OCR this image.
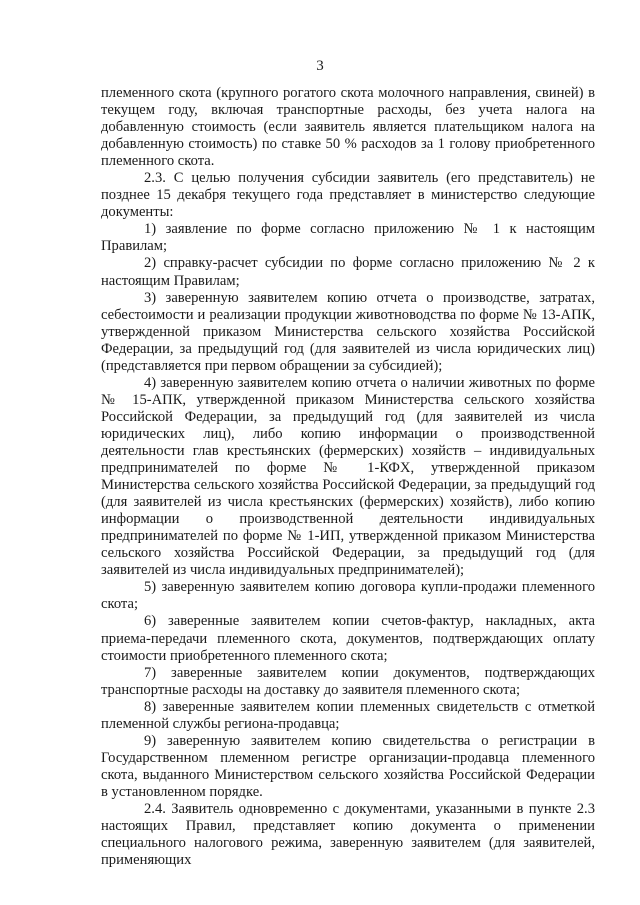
3

племенного скота (крупного рогатого скота молочного направления, свиней) в текущем году, включая транспортные расходы, без учета налога на добавленную стоимость (если заявитель является плательщиком налога на добавленную стоимость) по ставке 50 % расходов за 1 голову приобретенного племенного скота.

2.3. С целью получения субсидии заявитель (его представитель) не позднее 15 декабря текущего года представляет в министерство следующие документы:

1) заявление по форме согласно приложению № 1 к настоящим Правилам;

2) справку-расчет субсидии по форме согласно приложению № 2 к настоящим Правилам;

3) заверенную заявителем копию отчета о производстве, затратах, себестоимости и реализации продукции животноводства по форме № 13-АПК, утвержденной приказом Министерства сельского хозяйства Российской Федерации, за предыдущий год (для заявителей из числа юридических лиц) (представляется при первом обращении за субсидией);

4) заверенную заявителем копию отчета о наличии животных по форме № 15-АПК, утвержденной приказом Министерства сельского хозяйства Российской Федерации, за предыдущий год (для заявителей из числа юридических лиц), либо копию информации о производственной деятельности глав крестьянских (фермерских) хозяйств – индивидуальных предпринимателей по форме № 1-КФХ, утвержденной приказом Министерства сельского хозяйства Российской Федерации, за предыдущий год (для заявителей из числа крестьянских (фермерских) хозяйств), либо копию информации о производственной деятельности индивидуальных предпринимателей по форме № 1-ИП, утвержденной приказом Министерства сельского хозяйства Российской Федерации, за предыдущий год (для заявителей из числа индивидуальных предпринимателей);

5) заверенную заявителем копию договора купли-продажи племенного скота;

6) заверенные заявителем копии счетов-фактур, накладных, акта приема-передачи племенного скота, документов, подтверждающих оплату стоимости приобретенного племенного скота;

7) заверенные заявителем копии документов, подтверждающих транспортные расходы на доставку до заявителя племенного скота;

8) заверенные заявителем копии племенных свидетельств с отметкой племенной службы региона-продавца;

9) заверенную заявителем копию свидетельства о регистрации в Государственном племенном регистре организации-продавца племенного скота, выданного Министерством сельского хозяйства Российской Федерации в установленном порядке.

2.4. Заявитель одновременно с документами, указанными в пункте 2.3 настоящих Правил, представляет копию документа о применении специального налогового режима, заверенную заявителем (для заявителей, применяющих
